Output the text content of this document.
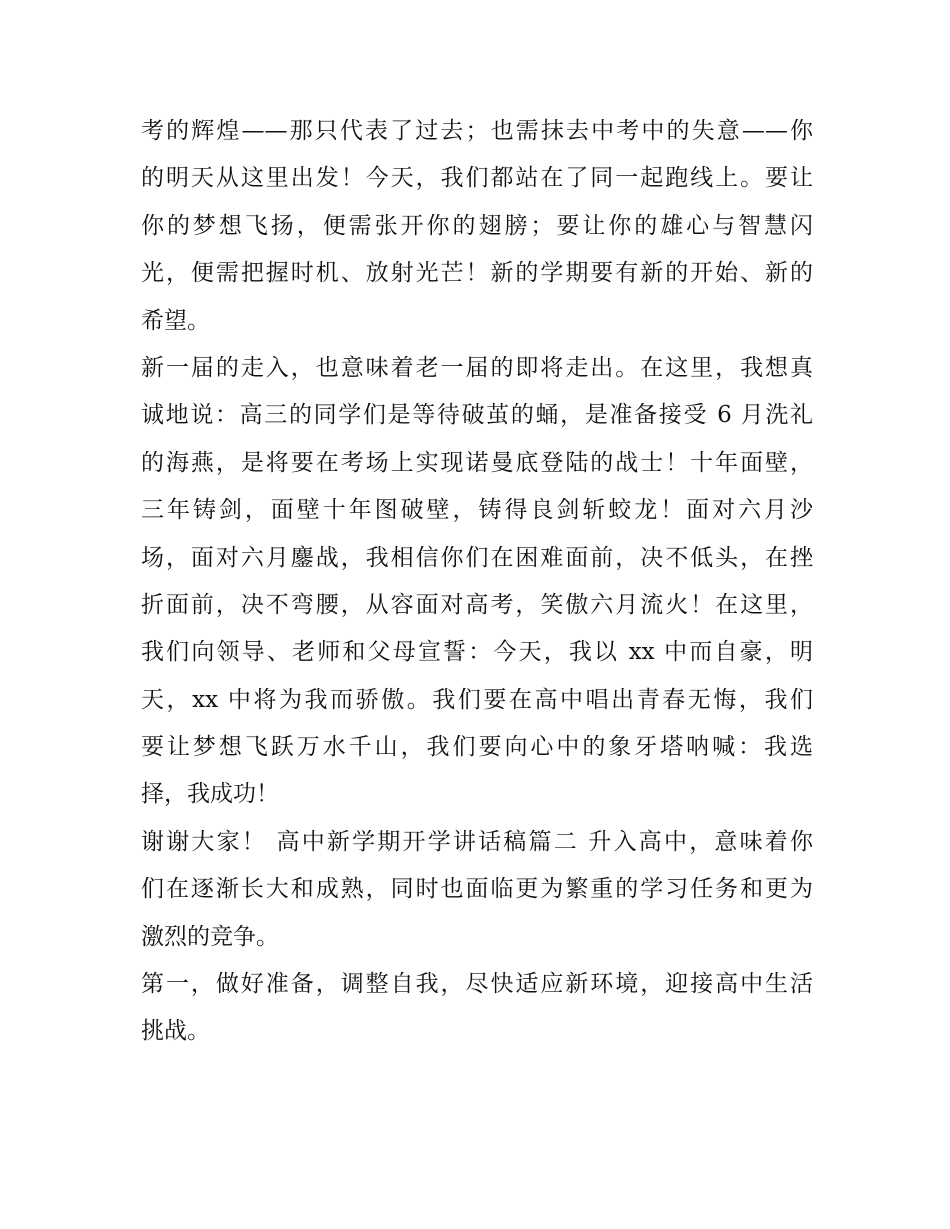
考的辉煌——那只代表了过去；也需抹去中考中的失意——你
的明天从这里出发！今天，我们都站在了同一起跑线上。要让
你的梦想飞扬，便需张开你的翅膀；要让你的雄心与智慧闪
光，便需把握时机、放射光芒！新的学期要有新的开始、新的
希望。
新一届的走入，也意味着老一届的即将走出。在这里，我想真
诚地说：高三的同学们是等待破茧的蛹，是准备接受 6 月洗礼
的海燕，是将要在考场上实现诺曼底登陆的战士！十年面壁，
三年铸剑，面壁十年图破壁，铸得良剑斩蛟龙！面对六月沙
场，面对六月鏖战，我相信你们在困难面前，决不低头，在挫
折面前，决不弯腰，从容面对高考，笑傲六月流火！在这里，
我们向领导、老师和父母宣誓：今天，我以 xx 中而自豪，明
天，xx 中将为我而骄傲。我们要在高中唱出青春无悔，我们
要让梦想飞跃万水千山，我们要向心中的象牙塔呐喊：我选
择，我成功！
谢谢大家！ 高中新学期开学讲话稿篇二 升入高中，意味着你
们在逐渐长大和成熟，同时也面临更为繁重的学习任务和更为
激烈的竞争。
第一，做好准备，调整自我，尽快适应新环境，迎接高中生活
挑战。
